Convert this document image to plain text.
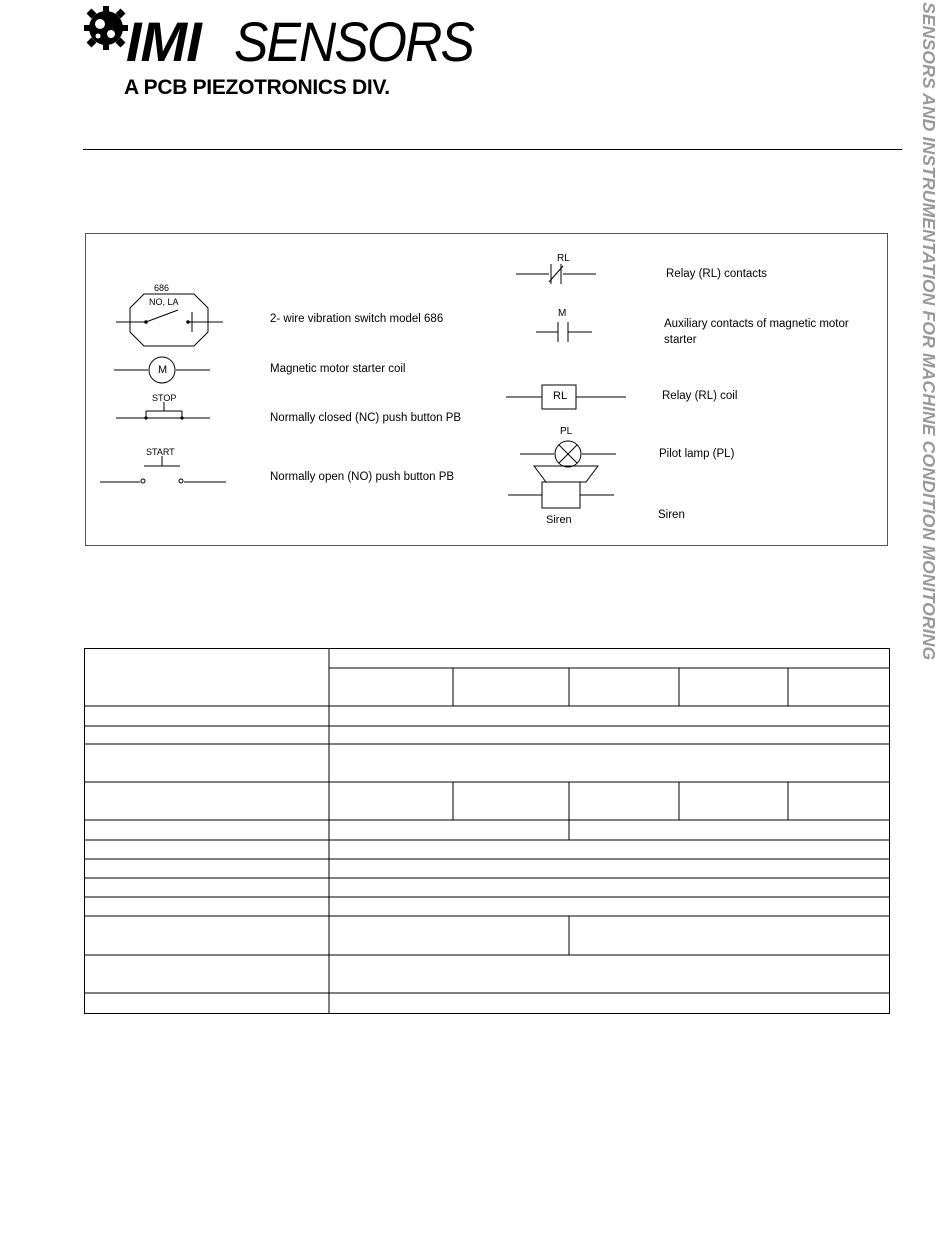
IMI SENSORS
A PCB PIEZOTRONICS DIV.	SENSORS AND INSTRUMENTATION FOR MACHINE CONDITION MONITORING
686
NO, LA
2- wire vibration switch model 686
M	Magnetic motor starter coil
STOP
Normally closed (NC) push button PB
START
Normally open (NO) push button PB
RL
Relay (RL) contacts
M
Auxiliary contacts of magnetic motor
starter
RL	Relay (RL) coil
PL
Pilot lamp (PL)
Siren	Siren
